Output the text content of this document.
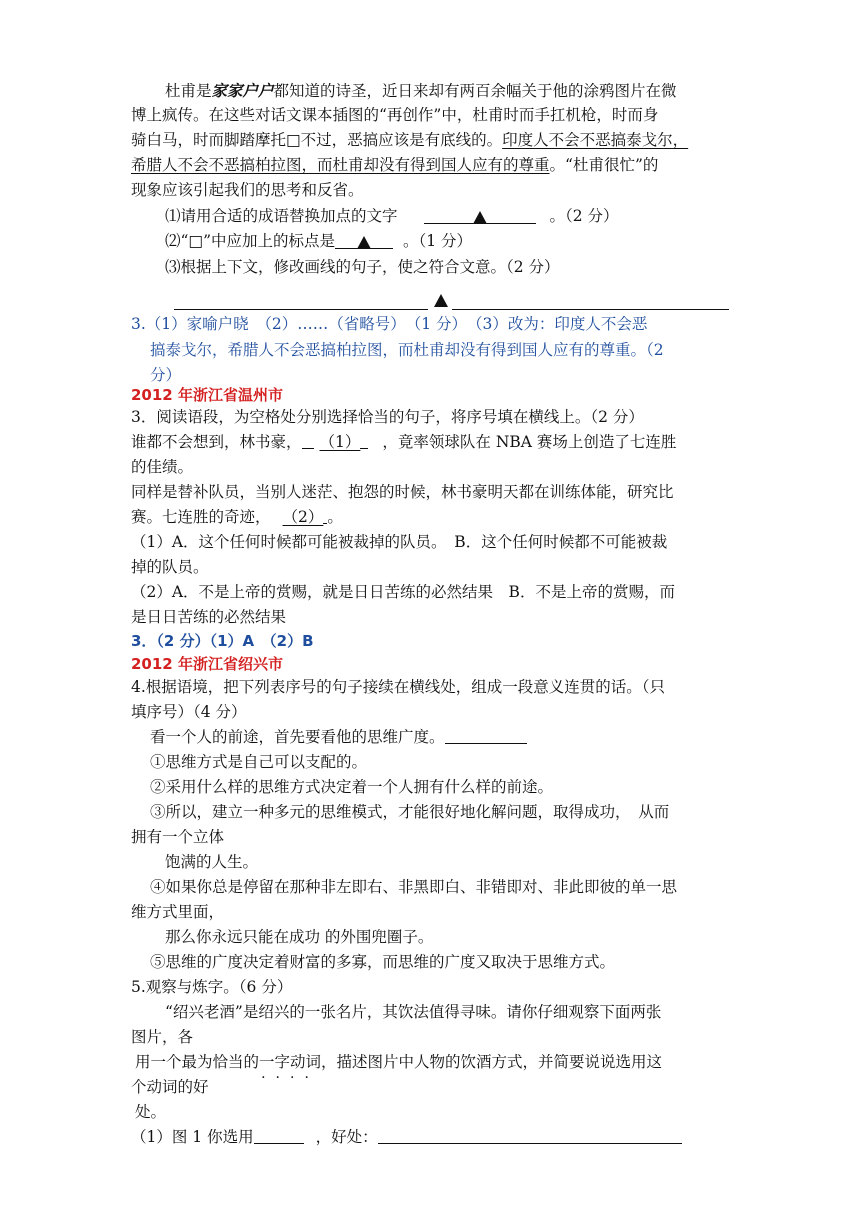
杜甫是家家户户都知道的诗圣，近日来却有两百余幅关于他的涂鸦图片在微
博上疯传。在这些对话文课本插图的“再创作”中，杜甫时而手扛机枪，时而身
骑白马，时而脚踏摩托□不过，恶搞应该是有底线的。印度人不会不恶搞泰戈尔，
希腊人不会不恶搞柏拉图，而杜甫却没有得到国人应有的尊重。“杜甫很忙”的
现象应该引起我们的思考和反省。
⑴请用合适的成语替换加点的文字	。（2 分）
⑵“□”中应加上的标点是	。（1 分）
⑶根据上下文，修改画线的句子，使之符合文意。（2 分）
3.（1）家喻户晓　（2）……（省略号）　（1 分）　（3）改为：印度人不会恶
搞泰戈尔，希腊人不会恶搞柏拉图，而杜甫却没有得到国人应有的尊重。（2
分）
2012 年浙江省温州市
3．阅读语段，为空格处分别选择恰当的句子，将序号填在横线上。（2 分）
谁都不会想到，林书豪， （1） ，竟率领球队在 NBA 赛场上创造了七连胜
的佳绩。
同样是替补队员，当别人迷茫、抱怨的时候，林书豪明天都在训练体能，研究比
赛。七连胜的奇迹， （2） 。
（1）A．这个任何时候都可能被裁掉的队员。　B．这个任何时候都不可能被裁
掉的队员。
（2）A．不是上帝的赏赐，就是日日苦练的必然结果　B．不是上帝的赏赐，而
是日日苦练的必然结果
3．（2 分）（1）A　（2）B
2012 年浙江省绍兴市
4.根据语境，把下列表序号的句子接续在横线处，组成一段意义连贯的话。（只
填序号）（4 分）
看一个人的前途，首先要看他的思维广度。
①思维方式是自己可以支配的。
②采用什么样的思维方式决定着一个人拥有什么样的前途。
③所以，建立一种多元的思维模式，才能很好地化解问题，取得成功，　从而
拥有一个立体
饱满的人生。
④如果你总是停留在那种非左即右、非黑即白、非错即对、非此即彼的单一思
维方式里面，
那么你永远只能在成功 的外围兜圈子。
⑤思维的广度决定着财富的多寡，而思维的广度又取决于思维方式。
5.观察与炼字。（6 分）
“绍兴老酒”是绍兴的一张名片，其饮法值得寻味。请你仔细观察下面两张
图片，各
用一个最为恰当的一字动词
····
，描述图片中人物的饮酒方式，并简要说说选用这
个动词的好
处。
（1）图 1 你选用	，好处：
